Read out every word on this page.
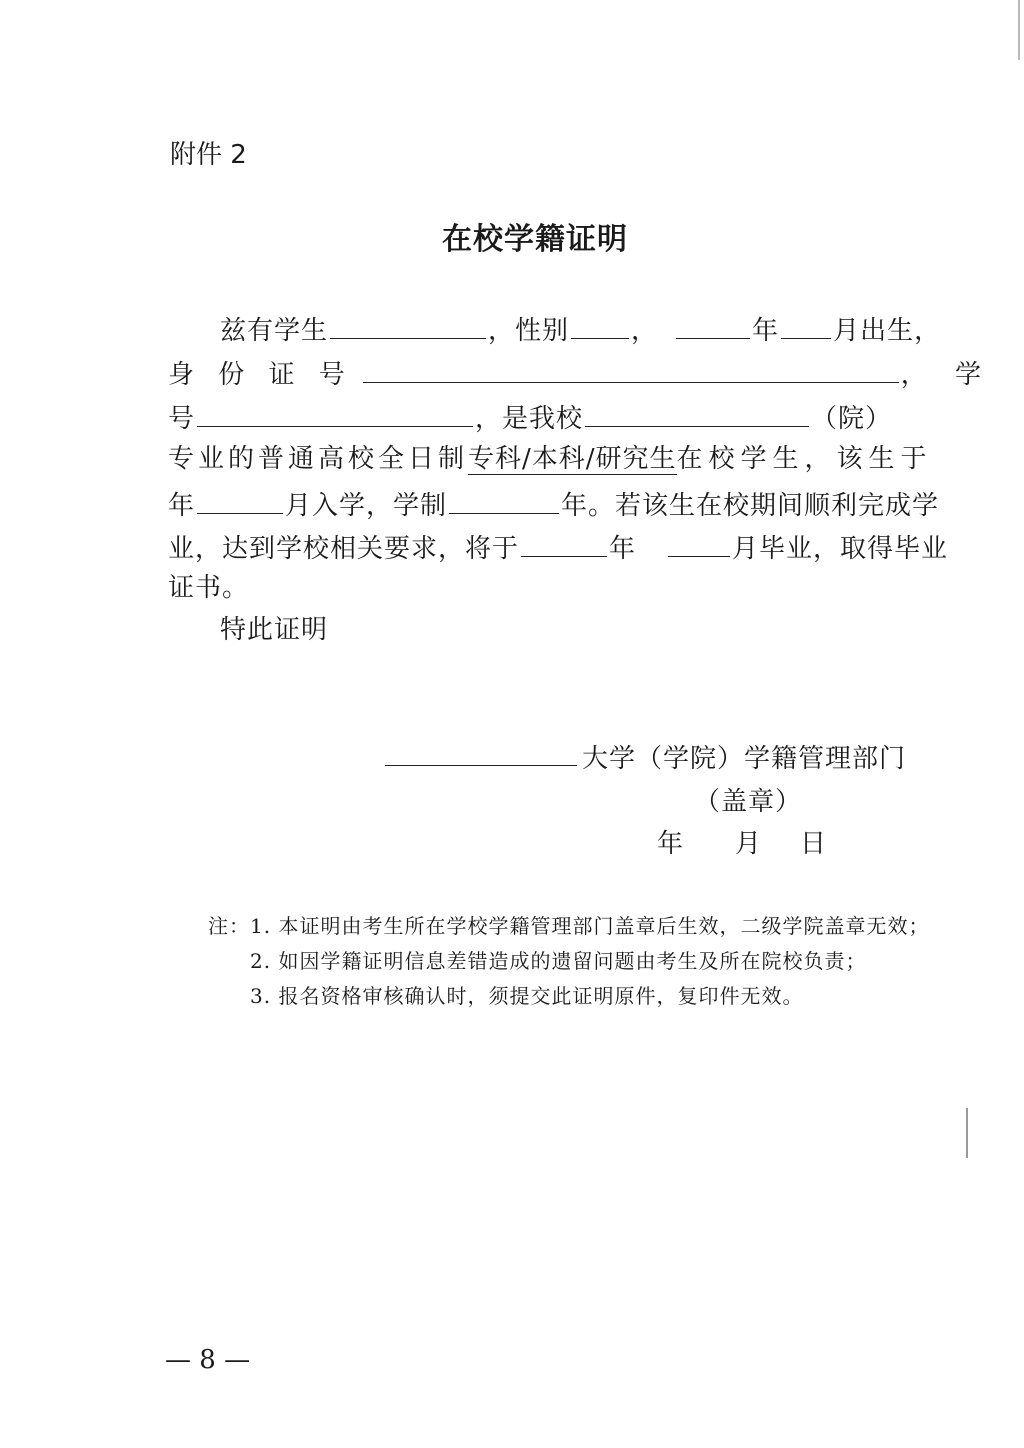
附件 2
在校学籍证明
兹有学生	，性别 ，	年 月出生，
身 份 证 号	， 学
号	，是我校	（院）
专业的普通高校全日制专科/本科/研究生在校学生，该生于
年	月入学，学制	年。若该生在校期间顺利完成学
业，达到学校相关要求，将于	年	月毕业，取得毕业
证书。
特此证明
大学（学院）学籍管理部门
（盖章）
年 月 日
注： 1. 本证明由考生所在学校学籍管理部门盖章后生效，二级学院盖章无效；
2. 如因学籍证明信息差错造成的遗留问题由考生及所在院校负责；
3. 报名资格审核确认时，须提交此证明原件，复印件无效。
— 8 —
